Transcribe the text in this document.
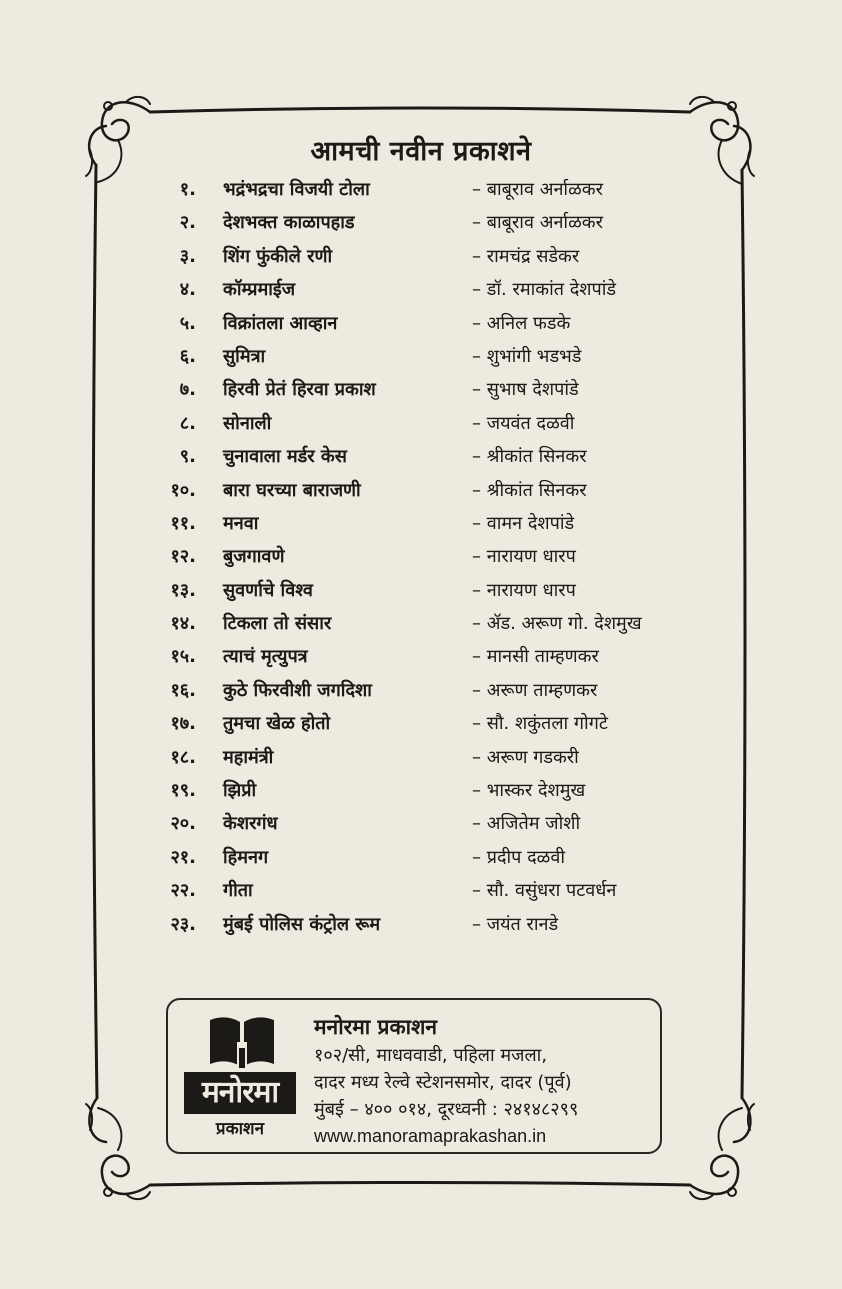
आमची नवीन प्रकाशने
१. भद्रंभद्रचा विजयी टोला	– बाबूराव अर्नाळकर
२. देशभक्त काळापहाड	– बाबूराव अर्नाळकर
३. शिंग फुंकीले रणी	– रामचंद्र सडेकर
४. कॉम्प्रमाईज	– डॉ. रमाकांत देशपांडे
५. विक्रांतला आव्हान	– अनिल फडके
६. सुमित्रा	– शुभांगी भडभडे
७. हिरवी प्रेतं हिरवा प्रकाश	– सुभाष देशपांडे
८. सोनाली	– जयवंत दळवी
९. चुनावाला मर्डर केस	– श्रीकांत सिनकर
१०. बारा घरच्या बाराजणी	– श्रीकांत सिनकर
११. मनवा	– वामन देशपांडे
१२. बुजगावणे	– नारायण धारप
१३. सुवर्णाचे विश्व	– नारायण धारप
१४. टिकला तो संसार	– ॲड. अरूण गो. देशमुख
१५. त्याचं मृत्युपत्र	– मानसी ताम्हणकर
१६. कुठे फिरवीशी जगदिशा	– अरूण ताम्हणकर
१७. तुमचा खेळ होतो	– सौ. शकुंतला गोगटे
१८. महामंत्री	– अरूण गडकरी
१९. झिप्री	– भास्कर देशमुख
२०. केशरगंध	– अजितेम जोशी
२१. हिमनग	– प्रदीप दळवी
२२. गीता	– सौ. वसुंधरा पटवर्धन
२३. मुंबई पोलिस कंट्रोल रूम	– जयंत रानडे
मनोरमा
प्रकाशन
मनोरमा प्रकाशन
१०२/सी, माधववाडी, पहिला मजला,
दादर मध्य रेल्वे स्टेशनसमोर, दादर (पूर्व)
मुंबई – ४०० ०१४, दूरध्वनी : २४१४८२९९
www.manoramaprakashan.in
